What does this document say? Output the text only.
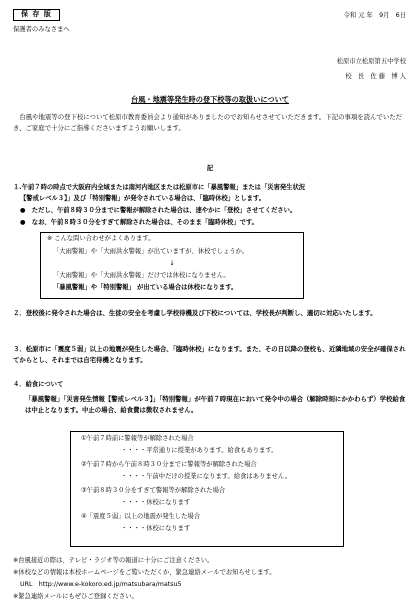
保 存 版	令和 元 年　9月　6日
保護者のみなさまへ
松原市立松原第五中学校
校　長　佐 藤　博 人
台風・地震等発生時の登下校等の取扱いについて
台風や地震等の登下校について松原市教育委員会より通知がありましたのでお知らせさせていただきます。下記の事項を読んでいただき、ご家庭で十分にご指導くださいますようお願いします。
記
１.午前７時の時点で大阪府内全域または南河内地区または松原市に「暴風警報」または「災害発生状況
【警戒レベル３】」及び「特別警報」が発令されている場合は、「臨時休校」とします。
●　ただし、午前８時３０分までに警報が解除された場合は、速やかに「登校」させてください。
●　なお、午前８時３０分をすぎて解除された場合は、そのまま「臨時休校」です。
※ こんな問い合わせがよくあります。
「大雨警報」や「大雨洪水警報」が出ていますが、休校でしょうか。
↓
「大雨警報」や「大雨洪水警報」だけでは休校になりません。
「暴風警報」や「特別警報」 が出ている場合は休校になります。
２．登校後に発令された場合は、生徒の安全を考慮し学校待機及び下校については、学校長が判断し、適切に対応いたします。
３．松原市に「震度５弱」以上の地震が発生した場合、「臨時休校」になります。また、その日以降の登校も、近隣地域の安全が確保されてからとし、それまでは自宅待機となります。
４．給食について
「暴風警報」「災害発生情報【警戒レベル３】」「特別警報」が午前７時現在において発令中の場合（解除時刻にかかわらず）学校給食は中止となります。中止の場合、給食費は徴収されません。
①午前７時前に警報等が解除された場合
・・・・平常通りに授業があります。給食もあります。
②午前７時から午前８時３０分までに警報等が解除された場合
・・・・午前中だけの授業になります。給食はありません。
③午前８時３０分をすぎて警報等が解除された場合
・・・・休校になります
④「震度５弱」以上の地震が発生した場合
・・・・休校になります
※台風接近の際は、テレビ・ラジオ等の報道に十分にご注意ください。
※休校などの情報は本校ホームページをご覧いただくか、緊急連絡メールでお知らせします。
URL　http://www.e-kokoro.ed.jp/matsubara/matsu5
※緊急連絡メールにもぜひご登録ください。
